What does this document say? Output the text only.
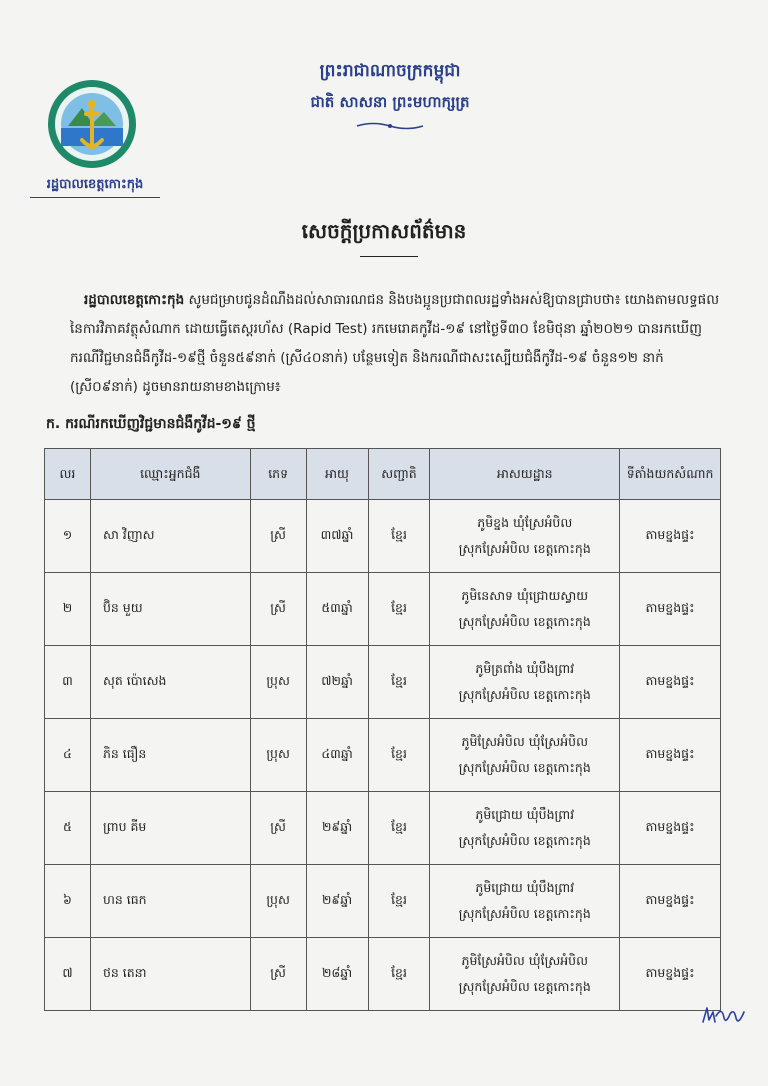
ព្រះរាជាណាចក្រកម្ពុជា
ជាតិ សាសនា ព្រះមហាក្សត្រ
រដ្ឋបាលខេត្តកោះកុង
សេចក្តីប្រកាសព័ត៌មាន
រដ្ឋបាលខេត្តកោះកុង សូមជម្រាបជូនដំណឹងដល់សាធារណជន និងបងប្អូនប្រជាពលរដ្ឋទាំងអស់ឱ្យបានជ្រាបថា៖ យោងតាមលទ្ធផលនៃការវិភាគវត្ថុសំណាក ដោយធ្វើតេស្តរហ័ស (Rapid Test) រកមេរោគកូវីដ-១៩ នៅថ្ងៃទី៣០ ខែមិថុនា ឆ្នាំ២០២១ បានរកឃើញករណីវិជ្ជមានជំងឺកូវីដ-១៩ថ្មី ចំនួន៥៩នាក់ (ស្រី៤០នាក់) បន្ថែមទៀត និងករណីជាសះស្បើយជំងឺកូវីដ-១៩ ចំនួន១២ នាក់ (ស្រី០៩នាក់) ដូចមានរាយនាមខាងក្រោម៖
ក. ករណីរកឃើញវិជ្ជមានជំងឺកូវីដ-១៩ ថ្មី
លរ	ឈ្មោះអ្នកជំងឺ	ភេទ	អាយុ	សញ្ជាតិ	អាសយដ្ឋាន	ទីតាំងយកសំណាក
១	សា វិញាស	ស្រី	៣៧ឆ្នាំ	ខ្មែរ	ភូមិខ្នង ឃុំស្រែអំបិល
ស្រុកស្រែអំបិល ខេត្តកោះកុង	តាមខ្នងផ្ទះ
២	ប៊ិន មួយ	ស្រី	៥៣ឆ្នាំ	ខ្មែរ	ភូមិនេសាទ ឃុំជ្រោយស្វាយ
ស្រុកស្រែអំបិល ខេត្តកោះកុង	តាមខ្នងផ្ទះ
៣	សុត ប៉ោសេង	ប្រុស	៧២ឆ្នាំ	ខ្មែរ	ភូមិត្រពាំង ឃុំបឹងព្រាវ
ស្រុកស្រែអំបិល ខេត្តកោះកុង	តាមខ្នងផ្ទះ
៤	ភិន ធឿន	ប្រុស	៤៣ឆ្នាំ	ខ្មែរ	ភូមិស្រែអំបិល ឃុំស្រែអំបិល
ស្រុកស្រែអំបិល ខេត្តកោះកុង	តាមខ្នងផ្ទះ
៥	ព្រាប គីម	ស្រី	២៩ឆ្នាំ	ខ្មែរ	ភូមិជ្រោយ ឃុំបឹងព្រាវ
ស្រុកស្រែអំបិល ខេត្តកោះកុង	តាមខ្នងផ្ទះ
៦	ហន ធេក	ប្រុស	២៩ឆ្នាំ	ខ្មែរ	ភូមិជ្រោយ ឃុំបឹងព្រាវ
ស្រុកស្រែអំបិល ខេត្តកោះកុង	តាមខ្នងផ្ទះ
៧	ថន តេនា	ស្រី	២៨ឆ្នាំ	ខ្មែរ	ភូមិស្រែអំបិល ឃុំស្រែអំបិល
ស្រុកស្រែអំបិល ខេត្តកោះកុង	តាមខ្នងផ្ទះ
